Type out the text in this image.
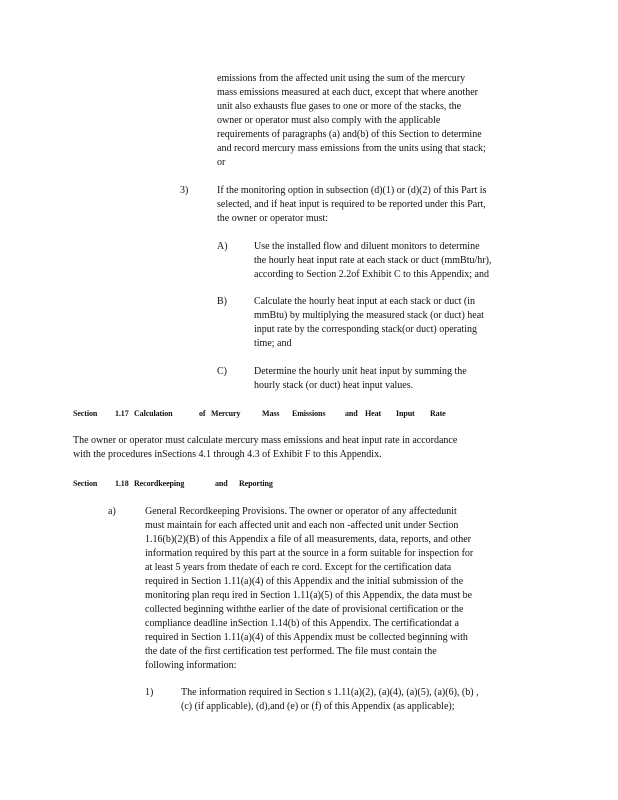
emissions from the affected unit using the sum of the mercury
mass emissions measured at each duct, except that where another
unit also exhausts flue gases to one or more of the stacks, the
owner or operator must also comply with the applicable
requirements of paragraphs (a) and(b) of this Section to determine
and record mercury mass emissions from the units using that stack;
or
3)	If the monitoring option in subsection (d)(1) or (d)(2) of this Part is
selected, and if heat input is required to be reported under this Part,
the owner or operator must:
A)	Use the installed flow and diluent monitors to determine
the hourly heat input rate at each stack or duct (mmBtu/hr),
according to Section 2.2of Exhibit C to this Appendix; and
B)	Calculate the hourly heat input at each stack or duct (in
mmBtu) by multiplying the measured stack (or duct) heat
input rate by the corresponding stack(or duct) operating
time; and
C)	Determine the hourly unit heat input by summing the
hourly stack (or duct) heat input values.
Section 1.17 Calculation	of Mercury	Mass Emissions and Heat Input Rate
The owner or operator must calculate mercury mass emissions and heat input rate in accordance
with the procedures inSections 4.1 through 4.3 of Exhibit F to this Appendix.
Section 1.18 Recordkeeping	and Reporting
a)	General Recordkeeping Provisions. The owner or operator of any affectedunit
must maintain for each affected unit and each non -affected unit under Section
1.16(b)(2)(B) of this Appendix a file of all measurements, data, reports, and other
information required by this part at the source in a form suitable for inspection for
at least 5 years from thedate of each re cord. Except for the certification data
required in Section 1.11(a)(4) of this Appendix and the initial submission of the
monitoring plan requ ired in Section 1.11(a)(5) of this Appendix, the data must be
collected beginning withthe earlier of the date of provisional certification or the
compliance deadline inSection 1.14(b) of this Appendix. The certificationdat a
required in Section 1.11(a)(4) of this Appendix must be collected beginning with
the date of the first certification test performed. The file must contain the
following information:
1)	The information required in Section s 1.11(a)(2), (a)(4), (a)(5), (a)(6), (b) ,
(c) (if applicable), (d),and (e) or (f) of this Appendix (as applicable);
